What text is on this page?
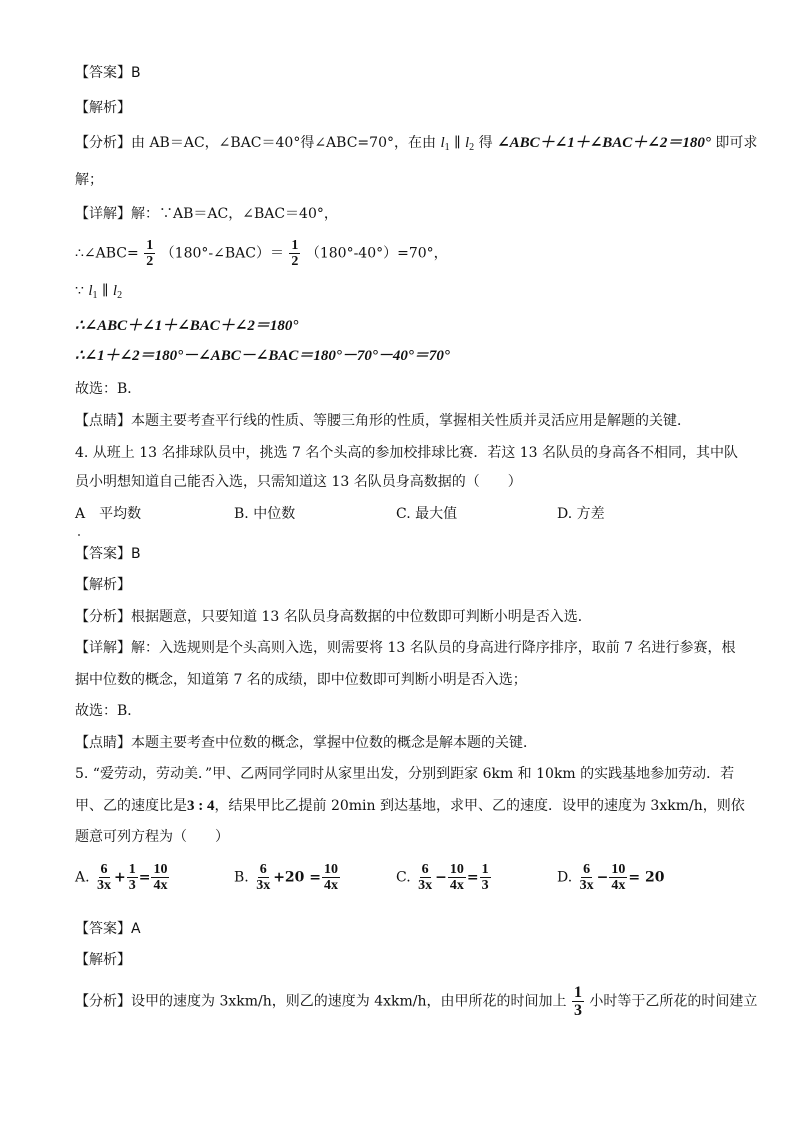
【答案】B
【解析】
【分析】由 AB＝AC，∠BAC＝40°得∠ABC=70°，在由 $l_1$ ∥ $l_2$ 得 ∠ABC＋∠1＋∠BAC＋∠2＝180° 即可求
解；
【详解】解：∵AB＝AC，∠BAC＝40°，
∴∠ABC= $\frac{1}{2}$ （180°-∠BAC）＝ $\frac{1}{2} (180^\circ-40^\circ)=70^\circ$，
∵ $l_1$ ∥ $l_2$
∴∠ABC＋∠1＋∠BAC＋∠2＝180°
∴∠1＋∠2＝180°－∠ABC－∠BAC＝180°－70°－40°＝70°
故选：B．
【点睛】本题主要考查平行线的性质、等腰三角形的性质，掌握相关性质并灵活应用是解题的关键．
4. 从班上 13 名排球队员中，挑选 7 名个头高的参加校排球比赛．若这 13 名队员的身高各不相同，其中队
员小明想知道自己能否入选，只需知道这 13 名队员身高数据的（　　）
A　平均数	B. 中位数	C. 最大值	D. 方差
【答案】B
【解析】
【分析】根据题意，只要知道 13 名队员身高数据的中位数即可判断小明是否入选．
【详解】解：入选规则是个头高则入选，则需要将 13 名队员的身高进行降序排序，取前 7 名进行参赛，根
据中位数的概念，知道第 7 名的成绩，即中位数即可判断小明是否入选；
故选：B．
【点睛】本题主要考查中位数的概念，掌握中位数的概念是解本题的关键．
5. “爱劳动，劳动美．”甲、乙两同学同时从家里出发，分别到距家 6km 和 10km 的实践基地参加劳动．若
甲、乙的速度比是3 : 4，结果甲比乙提前 20min 到达基地，求甲、乙的速度．设甲的速度为 3xkm/h，则依
题意可列方程为（　　）
A. $\frac{6}{3x} + \frac{1}{3} = \frac{10}{4x}$	B. $\frac{6}{3x} +20 = \frac{10}{4x}$	C. $\frac{6}{3x} - \frac{10}{4x} = \frac{1}{3}$	D. $\frac{6}{3x} - \frac{10}{4x} = 20$
【答案】A
【解析】
【分析】设甲的速度为 3xkm/h，则乙的速度为 4xkm/h，由甲所花的时间加上 $\frac{1}{3}$ 小时等于乙所花的时间建立
